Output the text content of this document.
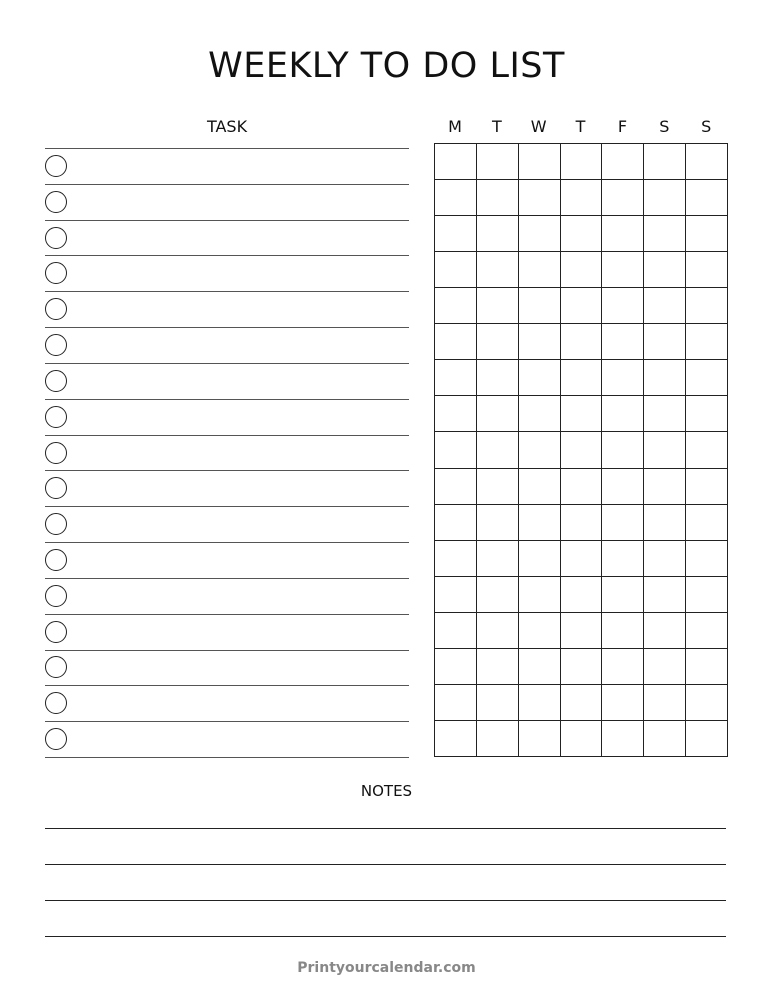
WEEKLY TO DO LIST
TASK	M	T	W	T	F	S	S
NOTES
Printyourcalendar.com
